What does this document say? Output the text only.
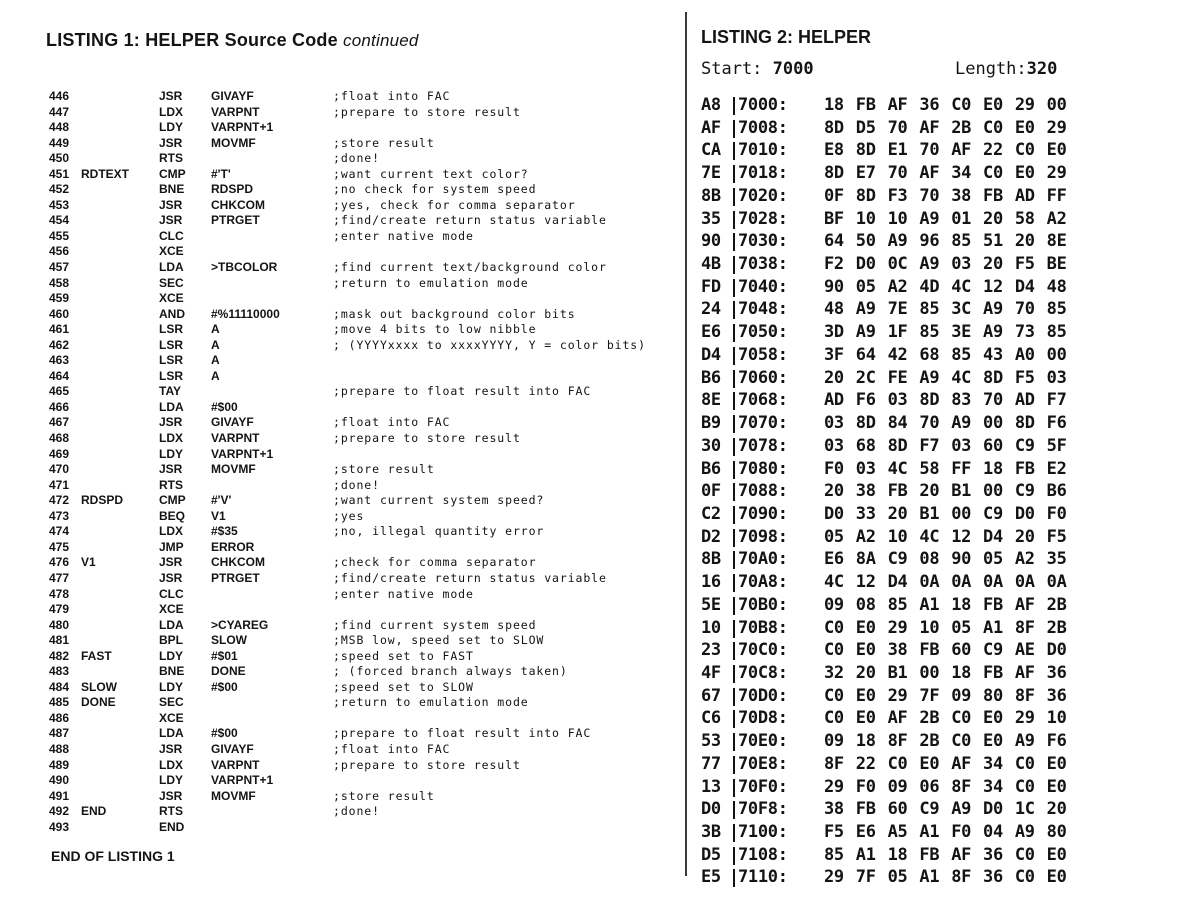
LISTING 1: HELPER Source Code continued
446	JSR GIVAYF	;float into FAC
447	LDX VARPNT	;prepare to store result
448	LDY VARPNT+1
449	JSR MOVMF	;store result
450	RTS	;done!
451 RDTEXT	CMP #'T'	;want current text color?
452	BNE RDSPD	;no check for system speed
453	JSR CHKCOM	;yes, check for comma separator
454	JSR PTRGET	;find/create return status variable
455	CLC	;enter native mode
456	XCE
457	LDA >TBCOLOR	;find current text/background color
458	SEC	;return to emulation mode
459	XCE
460	AND #%11110000	;mask out background color bits
461	LSR A	;move 4 bits to low nibble
462	LSR A	; (YYYYxxxx to xxxxYYYY, Y = color bits)
463	LSR A
464	LSR A
465	TAY	;prepare to float result into FAC
466	LDA #$00
467	JSR GIVAYF	;float into FAC
468	LDX VARPNT	;prepare to store result
469	LDY VARPNT+1
470	JSR MOVMF	;store result
471	RTS	;done!
472 RDSPD	CMP #'V'	;want current system speed?
473	BEQ V1	;yes
474	LDX #$35	;no, illegal quantity error
475	JMP ERROR
476 V1	JSR CHKCOM	;check for comma separator
477	JSR PTRGET	;find/create return status variable
478	CLC	;enter native mode
479	XCE
480	LDA >CYAREG	;find current system speed
481	BPL SLOW	;MSB low, speed set to SLOW
482 FAST	LDY #$01	;speed set to FAST
483	BNE DONE	; (forced branch always taken)
484 SLOW	LDY #$00	;speed set to SLOW
485 DONE	SEC	;return to emulation mode
486	XCE
487	LDA #$00	;prepare to float result into FAC
488	JSR GIVAYF	;float into FAC
489	LDX VARPNT	;prepare to store result
490	LDY VARPNT+1
491	JSR MOVMF	;store result
492 END	RTS	;done!
493	END
END OF LISTING 1
LISTING 2: HELPER
Start: 7000	Length:320
A8 7000: 18 FB AF 36 C0 E0 29 00
AF 7008: 8D D5 70 AF 2B C0 E0 29
CA 7010: E8 8D E1 70 AF 22 C0 E0
7E 7018: 8D E7 70 AF 34 C0 E0 29
8B 7020: 0F 8D F3 70 38 FB AD FF
35 7028: BF 10 10 A9 01 20 58 A2
90 7030: 64 50 A9 96 85 51 20 8E
4B 7038: F2 D0 0C A9 03 20 F5 BE
FD 7040: 90 05 A2 4D 4C 12 D4 48
24 7048: 48 A9 7E 85 3C A9 70 85
E6 7050: 3D A9 1F 85 3E A9 73 85
D4 7058: 3F 64 42 68 85 43 A0 00
B6 7060: 20 2C FE A9 4C 8D F5 03
8E 7068: AD F6 03 8D 83 70 AD F7
B9 7070: 03 8D 84 70 A9 00 8D F6
30 7078: 03 68 8D F7 03 60 C9 5F
B6 7080: F0 03 4C 58 FF 18 FB E2
0F 7088: 20 38 FB 20 B1 00 C9 B6
C2 7090: D0 33 20 B1 00 C9 D0 F0
D2 7098: 05 A2 10 4C 12 D4 20 F5
8B 70A0: E6 8A C9 08 90 05 A2 35
16 70A8: 4C 12 D4 0A 0A 0A 0A 0A
5E 70B0: 09 08 85 A1 18 FB AF 2B
10 70B8: C0 E0 29 10 05 A1 8F 2B
23 70C0: C0 E0 38 FB 60 C9 AE D0
4F 70C8: 32 20 B1 00 18 FB AF 36
67 70D0: C0 E0 29 7F 09 80 8F 36
C6 70D8: C0 E0 AF 2B C0 E0 29 10
53 70E0: 09 18 8F 2B C0 E0 A9 F6
77 70E8: 8F 22 C0 E0 AF 34 C0 E0
13 70F0: 29 F0 09 06 8F 34 C0 E0
D0 70F8: 38 FB 60 C9 A9 D0 1C 20
3B 7100: F5 E6 A5 A1 F0 04 A9 80
D5 7108: 85 A1 18 FB AF 36 C0 E0
E5 7110: 29 7F 05 A1 8F 36 C0 E0
